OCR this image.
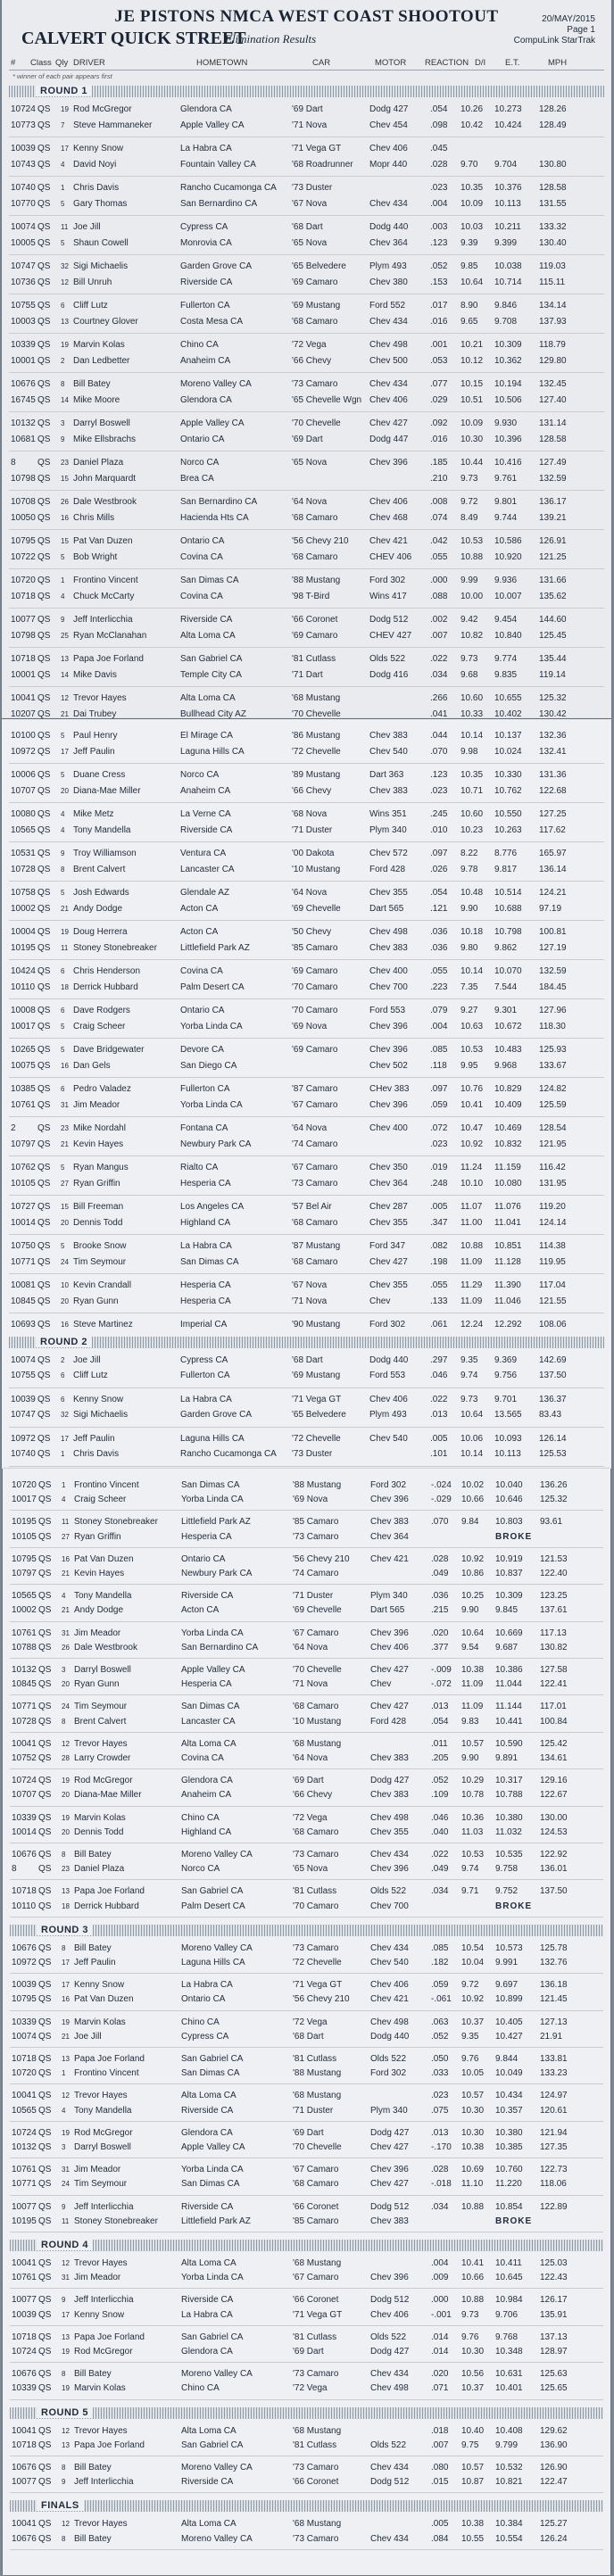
JE PISTONS NMCA WEST COAST SHOOTOUT
CALVERT QUICK STREET
Elimination Results
20/MAY/2015
Page 1
CompuLink StarTrak
# Class Qly DRIVER	HOMETOWN	CAR	MOTOR REACTION D/I E.T.	MPH
* winner of each pair appears first
ROUND 1
10724 QS	19 Rod McGregor	Glendora CA	'69 Dart	Dodg 427	.054	10.26	10.273	128.26
10773 QS	7 Steve Hammaneker	Apple Valley CA	'71 Nova	Chev 454	.098	10.42	10.424	128.49
10039 QS	17 Kenny Snow	La Habra CA	'71 Vega GT	Chev 406	.045
10743 QS	4 David Noyi	Fountain Valley CA	'68 Roadrunner	Mopr 440	.028	9.70	9.704	130.80
10740 QS	1 Chris Davis	Rancho Cucamonga CA	'73 Duster	.023	10.35	10.376	128.58
10770 QS	5 Gary Thomas	San Bernardino CA	'67 Nova	Chev 434	.004	10.09	10.113	131.55
10074 QS	11 Joe Jill	Cypress CA	'68 Dart	Dodg 440	.003	10.03	10.211	133.32
10005 QS	5 Shaun Cowell	Monrovia CA	'65 Nova	Chev 364	.123	9.39	9.399	130.40
10747 QS	32 Sigi Michaelis	Garden Grove CA	'65 Belvedere	Plym 493	.052	9.85	10.038	119.03
10736 QS	12 Bill Unruh	Riverside CA	'69 Camaro	Chev 380	.153	10.64	10.714	115.11
10755 QS	6 Cliff Lutz	Fullerton CA	'69 Mustang	Ford 552	.017	8.90	9.846	134.14
10003 QS	13 Courtney Glover	Costa Mesa CA	'68 Camaro	Chev 434	.016	9.65	9.708	137.93
10339 QS	19 Marvin Kolas	Chino CA	'72 Vega	Chev 498	.001	10.21	10.309	118.79
10001 QS	2 Dan Ledbetter	Anaheim CA	'66 Chevy	Chev 500	.053	10.12	10.362	129.80
10676 QS	8 Bill Batey	Moreno Valley CA	'73 Camaro	Chev 434	.077	10.15	10.194	132.45
16745 QS	14 Mike Moore	Glendora CA	'65 Chevelle Wgn Chev 406	.029	10.51	10.506	127.40
10132 QS	3 Darryl Boswell	Apple Valley CA	'70 Chevelle	Chev 427	.092	10.09	9.930	131.14
10681 QS	9 Mike Ellsbrachs	Ontario CA	'69 Dart	Dodg 447	.016	10.30	10.396	128.58
8	QS	23 Daniel Plaza	Norco CA	'65 Nova	Chev 396	.185	10.44	10.416	127.49
10798 QS	15 John Marquardt	Brea CA	.210	9.73	9.761	132.59
10708 QS	26 Dale Westbrook	San Bernardino CA	'64 Nova	Chev 406	.008	9.72	9.801	136.17
10050 QS	16 Chris Mills	Hacienda Hts CA	'68 Camaro	Chev 468	.074	8.49	9.744	139.21
10795 QS	15 Pat Van Duzen	Ontario CA	'56 Chevy 210	Chev 421	.042	10.53	10.586	126.91
10722 QS	5 Bob Wright	Covina CA	'68 Camaro	CHEV 406	.055	10.88	10.920	121.25
10720 QS	1 Frontino Vincent	San Dimas CA	'88 Mustang	Ford 302	.000	9.99	9.936	131.66
10718 QS	4 Chuck McCarty	Covina CA	'98 T-Bird	Wins 417	.088	10.00	10.007	135.62
10077 QS	9 Jeff Interlicchia	Riverside CA	'66 Coronet	Dodg 512	.002	9.42	9.454	144.60
10798 QS	25 Ryan McClanahan	Alta Loma CA	'69 Camaro	CHEV 427	.007	10.82	10.840	125.45
10718 QS	13 Papa Joe Forland	San Gabriel CA	'81 Cutlass	Olds 522	.022	9.73	9.774	135.44
10001 QS	14 Mike Davis	Temple City CA	'71 Dart	Dodg 416	.034	9.68	9.835	119.14
10041 QS	12 Trevor Hayes	Alta Loma CA	'68 Mustang	.266	10.60	10.655	125.32
10207 QS	21 Dai Trubey	Bullhead City AZ	'70 Chevelle	.041	10.33	10.402	130.42
10100 QS	5 Paul Henry	El Mirage CA	'86 Mustang	Chev 383	.044	10.14	10.137	132.36
10972 QS	17 Jeff Paulin	Laguna Hills CA	'72 Chevelle	Chev 540	.070	9.98	10.024	132.41
10006 QS	5 Duane Cress	Norco CA	'89 Mustang	Dart 363	.123	10.35	10.330	131.36
10707 QS	20 Diana-Mae Miller	Anaheim CA	'66 Chevy	Chev 383	.023	10.71	10.762	122.68
10080 QS	4 Mike Metz	La Verne CA	'68 Nova	Wins 351	.245	10.60	10.550	127.25
10565 QS	4 Tony Mandella	Riverside CA	'71 Duster	Plym 340	.010	10.23	10.263	117.62
10531 QS	9 Troy Williamson	Ventura CA	'00 Dakota	Chev 572	.097	8.22	8.776	165.97
10728 QS	8 Brent Calvert	Lancaster CA	'10 Mustang	Ford 428	.026	9.78	9.817	136.14
10758 QS	5 Josh Edwards	Glendale AZ	'64 Nova	Chev 355	.054	10.48	10.514	124.21
10002 QS	21 Andy Dodge	Acton CA	'69 Chevelle	Dart 565	.121	9.90	10.688	97.19
10004 QS	19 Doug Herrera	Acton CA	'50 Chevy	Chev 498	.036	10.18	10.798	100.81
10195 QS	11 Stoney Stonebreaker	Littlefield Park AZ	'85 Camaro	Chev 383	.036	9.80	9.862	127.19
10424 QS	6 Chris Henderson	Covina CA	'69 Camaro	Chev 400	.055	10.14	10.070	132.59
10110 QS	18 Derrick Hubbard	Palm Desert CA	'70 Camaro	Chev 700	.223	7.35	7.544	184.45
10008 QS	6 Dave Rodgers	Ontario CA	'70 Camaro	Ford 553	.079	9.27	9.301	127.96
10017 QS	5 Craig Scheer	Yorba Linda CA	'69 Nova	Chev 396	.004	10.63	10.672	118.30
10265 QS	5 Dave Bridgewater	Devore CA	'69 Camaro	Chev 396	.085	10.53	10.483	125.93
10075 QS	16 Dan Gels	San Diego CA	Chev 502	.118	9.95	9.968	133.67
10385 QS	6 Pedro Valadez	Fullerton CA	'87 Camaro	CHev 383	.097	10.76	10.829	124.82
10761 QS	31 Jim Meador	Yorba Linda CA	'67 Camaro	Chev 396	.059	10.41	10.409	125.59
2	QS	23 Mike Nordahl	Fontana CA	'64 Nova	Chev 400	.072	10.47	10.469	128.54
10797 QS	21 Kevin Hayes	Newbury Park CA	'74 Camaro	.023	10.92	10.832	121.95
10762 QS	5 Ryan Mangus	Rialto CA	'67 Camaro	Chev 350	.019	11.24	11.159	116.42
10105 QS	27 Ryan Griffin	Hesperia CA	'73 Camaro	Chev 364	.248	10.10	10.080	131.95
10727 QS	15 Bill Freeman	Los Angeles CA	'57 Bel Air	Chev 287	.005	11.07	11.076	119.20
10014 QS	20 Dennis Todd	Highland CA	'68 Camaro	Chev 355	.347	11.00	11.041	124.14
10750 QS	5 Brooke Snow	La Habra CA	'87 Mustang	Ford 347	.082	10.88	10.851	114.38
10771 QS	24 Tim Seymour	San Dimas CA	'68 Camaro	Chev 427	.198	11.09	11.128	119.95
10081 QS	10 Kevin Crandall	Hesperia CA	'67 Nova	Chev 355	.055	11.29	11.390	117.04
10845 QS	20 Ryan Gunn	Hesperia CA	'71 Nova	Chev	.133	11.09	11.046	121.55
10693 QS	16 Steve Martinez	Imperial CA	'90 Mustang	Ford 302	.061	12.24	12.292	108.06
ROUND 2
10074 QS	2 Joe Jill	Cypress CA	'68 Dart	Dodg 440	.297	9.35	9.369	142.69
10755 QS	6 Cliff Lutz	Fullerton CA	'69 Mustang	Ford 553	.046	9.74	9.756	137.50
10039 QS	6 Kenny Snow	La Habra CA	'71 Vega GT	Chev 406	.022	9.73	9.701	136.37
10747 QS	32 Sigi Michaelis	Garden Grove CA	'65 Belvedere	Plym 493	.013	10.64	13.565	83.43
10972 QS	17 Jeff Paulin	Laguna Hills CA	'72 Chevelle	Chev 540	.005	10.06	10.093	126.14
10740 QS	1 Chris Davis	Rancho Cucamonga CA	'73 Duster	.101	10.14	10.113	125.53
10720 QS	1 Frontino Vincent	San Dimas CA	'88 Mustang	Ford 302	-.024	10.02	10.040	136.26
10017 QS	4 Craig Scheer	Yorba Linda CA	'69 Nova	Chev 396	-.029	10.66	10.646	125.32
10195 QS	11 Stoney Stonebreaker	Littlefield Park AZ	'85 Camaro	Chev 383	.070	9.84	10.803	93.61
10105 QS	27 Ryan Griffin	Hesperia CA	'73 Camaro	Chev 364	BROKE
10795 QS	16 Pat Van Duzen	Ontario CA	'56 Chevy 210	Chev 421	.028	10.92	10.919	121.53
10797 QS	21 Kevin Hayes	Newbury Park CA	'74 Camaro	.049	10.86	10.837	122.40
10565 QS	4 Tony Mandella	Riverside CA	'71 Duster	Plym 340	.036	10.25	10.309	123.25
10002 QS	21 Andy Dodge	Acton CA	'69 Chevelle	Dart 565	.215	9.90	9.845	137.61
10761 QS	31 Jim Meador	Yorba Linda CA	'67 Camaro	Chev 396	.020	10.64	10.669	117.13
10788 QS	26 Dale Westbrook	San Bernardino CA	'64 Nova	Chev 406	.377	9.54	9.687	130.82
10132 QS	3 Darryl Boswell	Apple Valley CA	'70 Chevelle	Chev 427	-.009	10.38	10.386	127.58
10845 QS	20 Ryan Gunn	Hesperia CA	'71 Nova	Chev	-.072	11.09	11.044	122.41
10771 QS	24 Tim Seymour	San Dimas CA	'68 Camaro	Chev 427	.013	11.09	11.144	117.01
10728 QS	8 Brent Calvert	Lancaster CA	'10 Mustang	Ford 428	.054	9.83	10.441	100.84
10041 QS	12 Trevor Hayes	Alta Loma CA	'68 Mustang	.011	10.57	10.590	125.42
10752 QS	28 Larry Crowder	Covina CA	'64 Nova	Chev 383	.205	9.90	9.891	134.61
10724 QS	19 Rod McGregor	Glendora CA	'69 Dart	Dodg 427	.052	10.29	10.317	129.16
10707 QS	20 Diana-Mae Miller	Anaheim CA	'66 Chevy	Chev 383	.109	10.78	10.788	122.67
10339 QS	19 Marvin Kolas	Chino CA	'72 Vega	Chev 498	.046	10.36	10.380	130.00
10014 QS	20 Dennis Todd	Highland CA	'68 Camaro	Chev 355	.040	11.03	11.032	124.53
10676 QS	8 Bill Batey	Moreno Valley CA	'73 Camaro	Chev 434	.022	10.53	10.535	122.92
8	QS	23 Daniel Plaza	Norco CA	'65 Nova	Chev 396	.049	9.74	9.758	136.01
10718 QS	13 Papa Joe Forland	San Gabriel CA	'81 Cutlass	Olds 522	.034	9.71	9.752	137.50
10110 QS	18 Derrick Hubbard	Palm Desert CA	'70 Camaro	Chev 700	BROKE
ROUND 3
10676 QS	8 Bill Batey	Moreno Valley CA	'73 Camaro	Chev 434	.085	10.54	10.573	125.78
10972 QS	17 Jeff Paulin	Laguna Hills CA	'72 Chevelle	Chev 540	.182	10.04	9.991	132.76
10039 QS	17 Kenny Snow	La Habra CA	'71 Vega GT	Chev 406	.059	9.72	9.697	136.18
10795 QS	16 Pat Van Duzen	Ontario CA	'56 Chevy 210	Chev 421	-.061	10.92	10.899	121.45
10339 QS	19 Marvin Kolas	Chino CA	'72 Vega	Chev 498	.063	10.37	10.405	127.13
10074 QS	21 Joe Jill	Cypress CA	'68 Dart	Dodg 440	.052	9.35	10.427	21.91
10718 QS	13 Papa Joe Forland	San Gabriel CA	'81 Cutlass	Olds 522	.050	9.76	9.844	133.81
10720 QS	1 Frontino Vincent	San Dimas CA	'88 Mustang	Ford 302	.033	10.05	10.049	133.23
10041 QS	12 Trevor Hayes	Alta Loma CA	'68 Mustang	.023	10.57	10.434	124.97
10565 QS	4 Tony Mandella	Riverside CA	'71 Duster	Plym 340	.075	10.30	10.357	120.61
10724 QS	19 Rod McGregor	Glendora CA	'69 Dart	Dodg 427	.013	10.30	10.380	121.94
10132 QS	3 Darryl Boswell	Apple Valley CA	'70 Chevelle	Chev 427	-.170	10.38	10.385	127.35
10761 QS	31 Jim Meador	Yorba Linda CA	'67 Camaro	Chev 396	.028	10.69	10.760	122.73
10771 QS	24 Tim Seymour	San Dimas CA	'68 Camaro	Chev 427	-.018	11.10	11.220	118.06
10077 QS	9 Jeff Interlicchia	Riverside CA	'66 Coronet	Dodg 512	.034	10.88	10.854	122.89
10195 QS	11 Stoney Stonebreaker	Littlefield Park AZ	'85 Camaro	Chev 383	BROKE
ROUND 4
10041 QS	12 Trevor Hayes	Alta Loma CA	'68 Mustang	.004	10.41	10.411	125.03
10761 QS	31 Jim Meador	Yorba Linda CA	'67 Camaro	Chev 396	.009	10.66	10.645	122.43
10077 QS	9 Jeff Interlicchia	Riverside CA	'66 Coronet	Dodg 512	.000	10.88	10.984	126.17
10039 QS	17 Kenny Snow	La Habra CA	'71 Vega GT	Chev 406	-.001	9.73	9.706	135.91
10718 QS	13 Papa Joe Forland	San Gabriel CA	'81 Cutlass	Olds 522	.014	9.76	9.768	137.13
10724 QS	19 Rod McGregor	Glendora CA	'69 Dart	Dodg 427	.014	10.30	10.348	128.97
10676 QS	8 Bill Batey	Moreno Valley CA	'73 Camaro	Chev 434	.020	10.56	10.631	125.63
10339 QS	19 Marvin Kolas	Chino CA	'72 Vega	Chev 498	.071	10.37	10.401	125.65
ROUND 5
10041 QS	12 Trevor Hayes	Alta Loma CA	'68 Mustang	.018	10.40	10.408	129.62
10718 QS	13 Papa Joe Forland	San Gabriel CA	'81 Cutlass	Olds 522	.007	9.75	9.799	136.90
10676 QS	8 Bill Batey	Moreno Valley CA	'73 Camaro	Chev 434	.080	10.57	10.532	126.90
10077 QS	9 Jeff Interlicchia	Riverside CA	'66 Coronet	Dodg 512	.015	10.87	10.821	122.47
FINALS
10041 QS	12 Trevor Hayes	Alta Loma CA	'68 Mustang	.005	10.38	10.384	125.27
10676 QS	8 Bill Batey	Moreno Valley CA	'73 Camaro	Chev 434	.084	10.55	10.554	126.24
